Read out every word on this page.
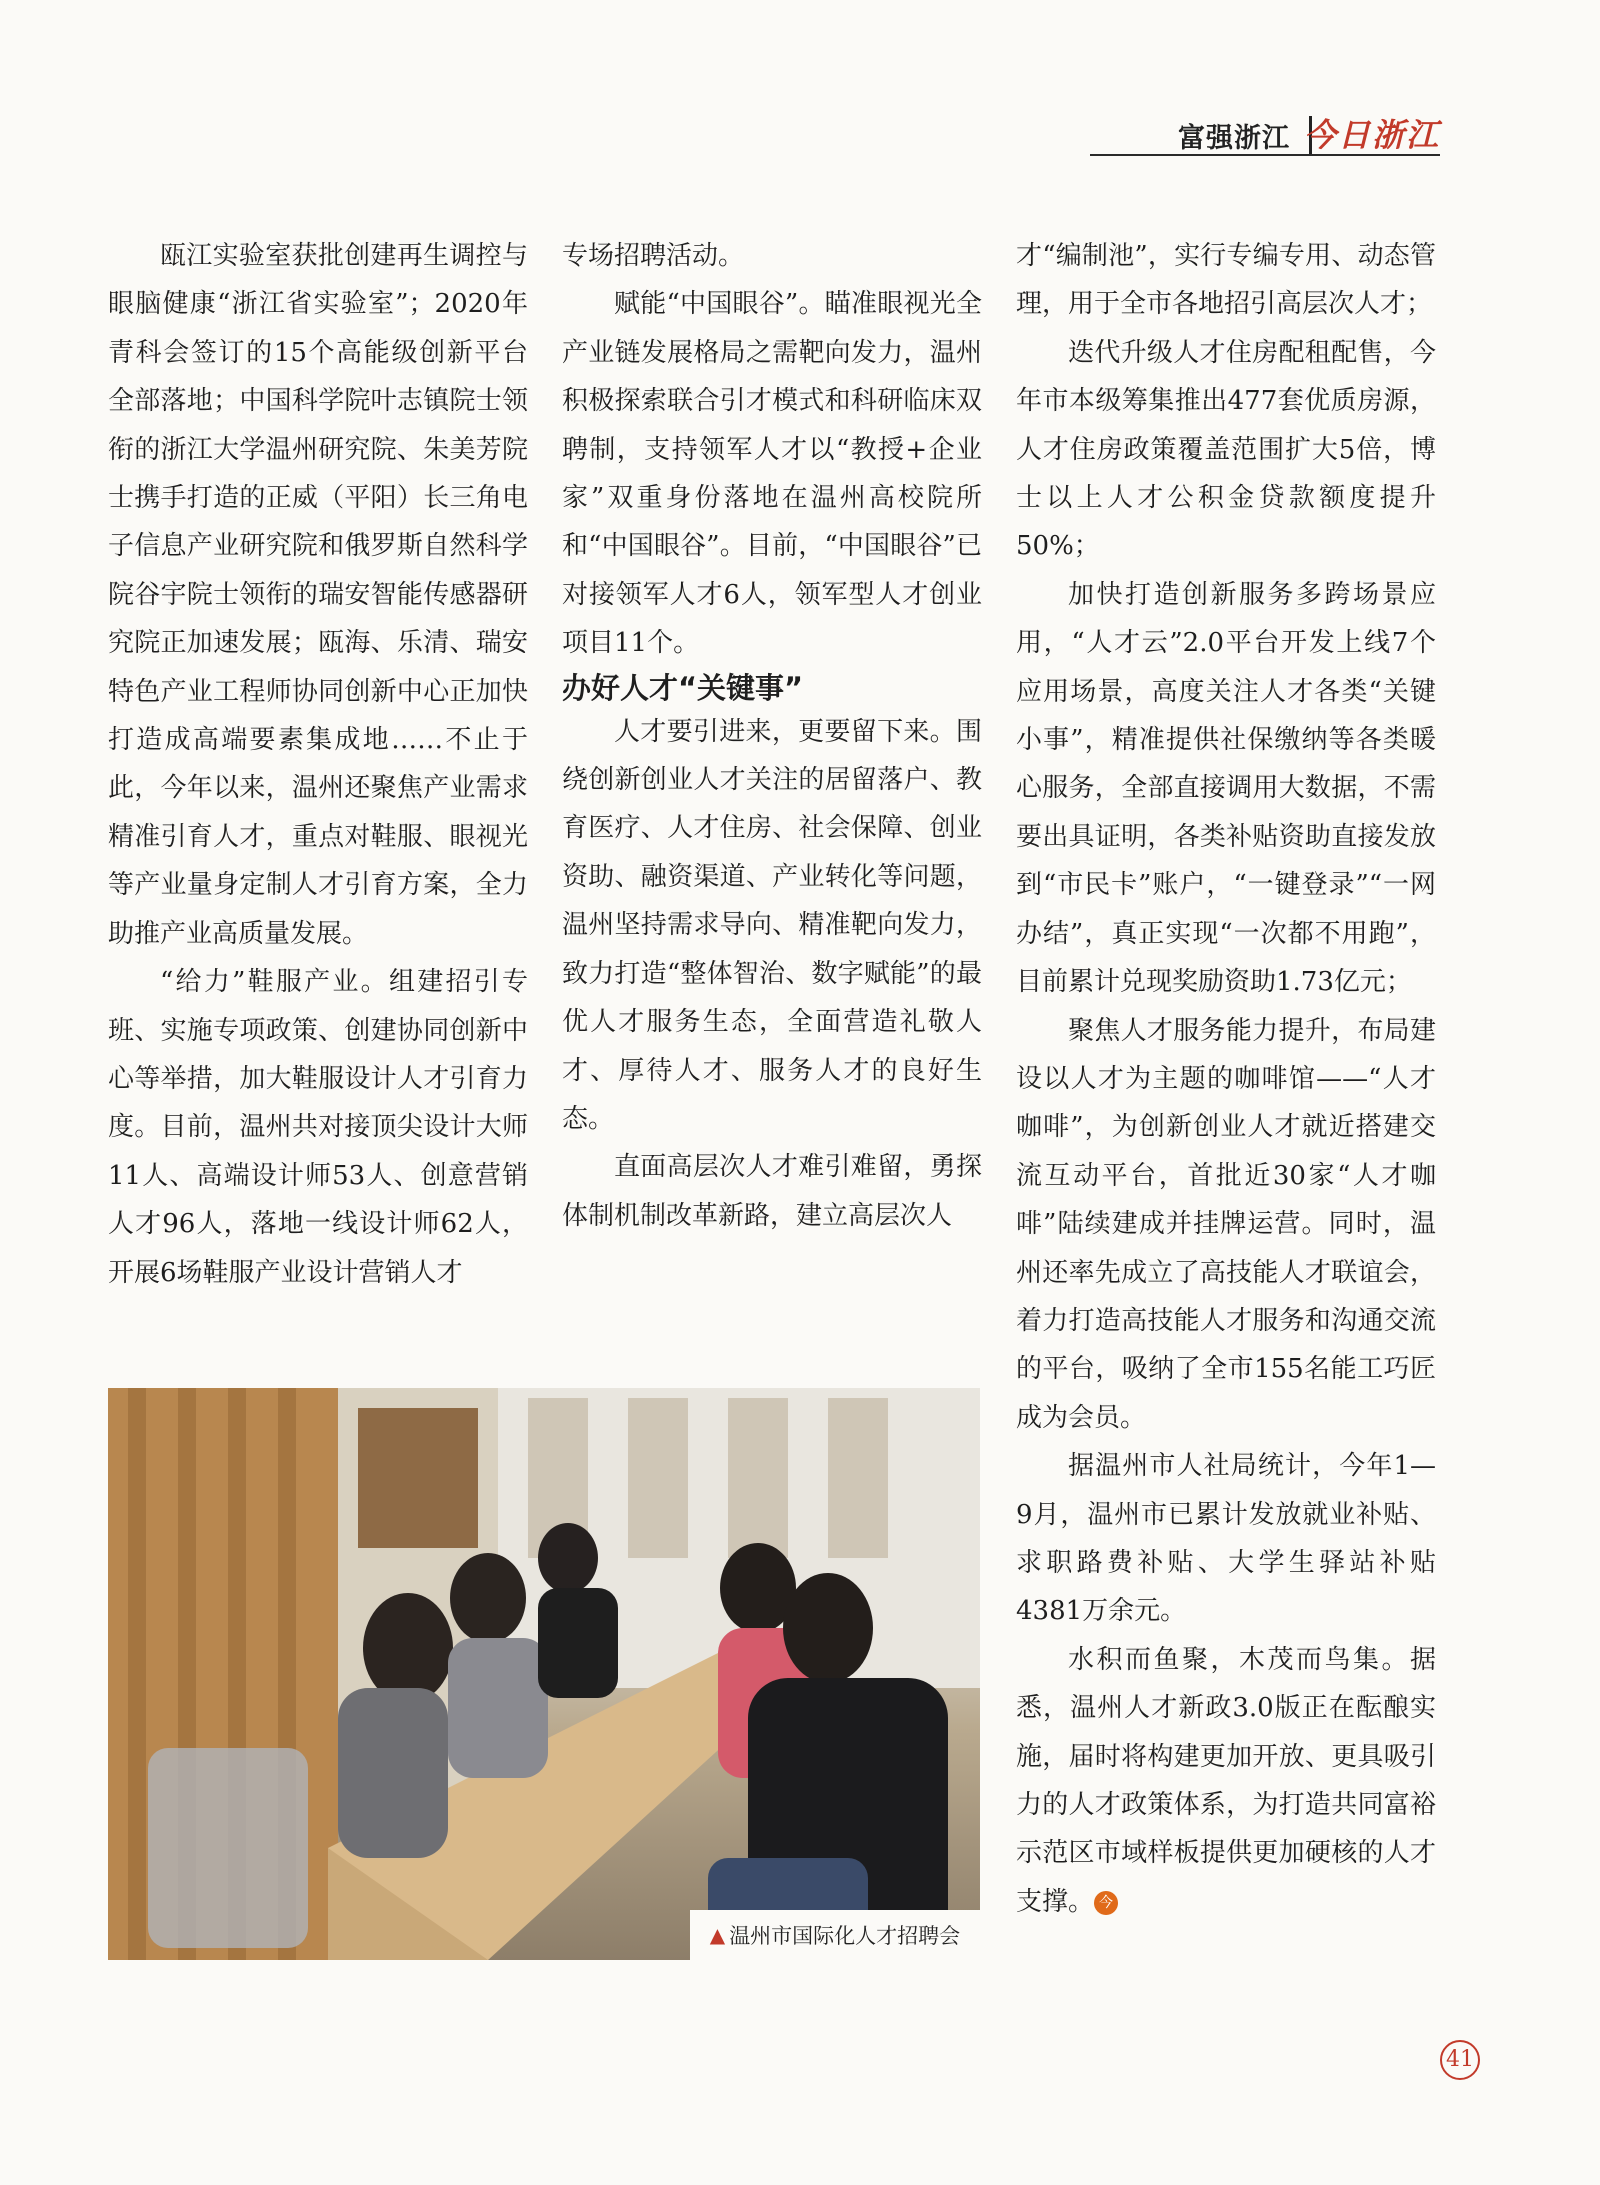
富强浙江 今日浙江

瓯江实验室获批创建再生调控与眼脑健康“浙江省实验室”；2020年青科会签订的15个高能级创新平台全部落地；中国科学院叶志镇院士领衔的浙江大学温州研究院、朱美芳院士携手打造的正威（平阳）长三角电子信息产业研究院和俄罗斯自然科学院谷宇院士领衔的瑞安智能传感器研究院正加速发展；瓯海、乐清、瑞安特色产业工程师协同创新中心正加快打造成高端要素集成地……不止于此，今年以来，温州还聚焦产业需求精准引育人才，重点对鞋服、眼视光等产业量身定制人才引育方案，全力助推产业高质量发展。

“给力”鞋服产业。组建招引专班、实施专项政策、创建协同创新中心等举措，加大鞋服设计人才引育力度。目前，温州共对接顶尖设计大师11人、高端设计师53人、创意营销人才96人，落地一线设计师62人，开展6场鞋服产业设计营销人才

专场招聘活动。

赋能“中国眼谷”。瞄准眼视光全产业链发展格局之需靶向发力，温州积极探索联合引才模式和科研临床双聘制，支持领军人才以“教授+企业家”双重身份落地在温州高校院所和“中国眼谷”。目前，“中国眼谷”已对接领军人才6人，领军型人才创业项目11个。

办好人才“关键事”

人才要引进来，更要留下来。围绕创新创业人才关注的居留落户、教育医疗、人才住房、社会保障、创业资助、融资渠道、产业转化等问题，温州坚持需求导向、精准靶向发力，致力打造“整体智治、数字赋能”的最优人才服务生态，全面营造礼敬人才、厚待人才、服务人才的良好生态。

直面高层次人才难引难留，勇探体制机制改革新路，建立高层次人

才“编制池”，实行专编专用、动态管理，用于全市各地招引高层次人才；

迭代升级人才住房配租配售，今年市本级筹集推出477套优质房源，人才住房政策覆盖范围扩大5倍，博士以上人才公积金贷款额度提升50%；

加快打造创新服务多跨场景应用，“人才云”2.0平台开发上线7个应用场景，高度关注人才各类“关键小事”，精准提供社保缴纳等各类暖心服务，全部直接调用大数据，不需要出具证明，各类补贴资助直接发放到“市民卡”账户，“一键登录”“一网办结”，真正实现“一次都不用跑”，目前累计兑现奖励资助1.73亿元；

聚焦人才服务能力提升，布局建设以人才为主题的咖啡馆——“人才咖啡”，为创新创业人才就近搭建交流互动平台，首批近30家“人才咖啡”陆续建成并挂牌运营。同时，温州还率先成立了高技能人才联谊会，着力打造高技能人才服务和沟通交流的平台，吸纳了全市155名能工巧匠成为会员。

据温州市人社局统计，今年1—9月，温州市已累计发放就业补贴、求职路费补贴、大学生驿站补贴4381万余元。

水积而鱼聚，木茂而鸟集。据悉，温州人才新政3.0版正在酝酿实施，届时将构建更加开放、更具吸引力的人才政策体系，为打造共同富裕示范区市域样板提供更加硬核的人才支撑。 今

▲ 温州市国际化人才招聘会
41
